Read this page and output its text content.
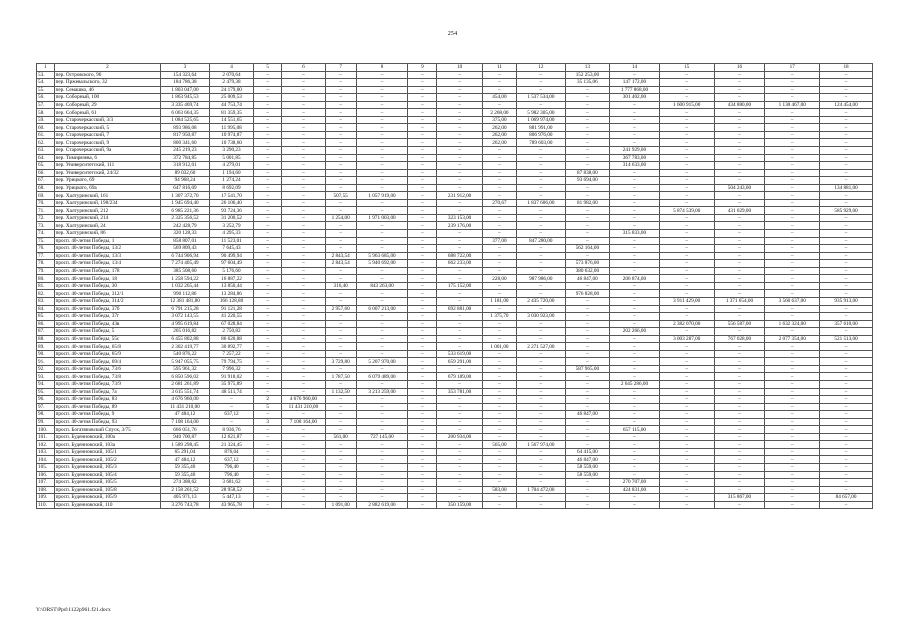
254
1	2	3	4	5	6	7	8	9	10	11	12	13	14	15	16	17	18
53.	пер. Островского, 96	154 323,64	2 070,64	–	–	–	–	–	–	–	–	152 253,00	–	–	–	–	–
54.	пер. Пржевальского, 32	184 786,38	2 479,38	–	–	–	–	–	–	–	–	35 135,06	147 172,00	–	–	–	–
55.	пер. Семашко, 46	1 803 047,00	24 179,00	–	–	–	–	–	–	–	–	–	1 777 868,00	–	–	–	–
56.	пер. Соборный, 100	1 863 945,53	25 009,53	–	–	–	–	–	–	454,00	1 537 534,00	–	301 402,00	–	–	–	–
57.	пер. Соборный, 29	3 335 469,74	44 753,74	–	–	–	–	–	–	–	–	–	–	1 600 915,00	434 880,00	1 130 467,00	124 454,00
58.	пер. Соборный, 61	6 063 664,35	81 359,35	–	–	–	–	–	–	2 268,00	5 982 305,00	–	–	–	–	–	–
59.	пер. Старочеркасский, 3/3	1 084 525,65	14 551,65	–	–	–	–	–	–	375,00	1 069 974,00	–	–	–	–	–	–
60.	пер. Старочеркасский, 5	893 986,08	11 995,08	–	–	–	–	–	–	262,00	881 991,00	–	–	–	–	–	–
61.	пер. Старочеркасский, 7	817 950,87	10 974,87	–	–	–	–	–	–	262,00	806 976,00	–	–	–	–	–	–
62.	пер. Старочеркасский, 9	800 341,60	10 738,60	–	–	–	–	–	–	262,00	789 603,00	–	–	–	–	–	–
63.	пер. Старочеркасский, 9а	245 219,23	3 290,23	–	–	–	–	–	–	–	–	–	241 929,00	–	–	–	–
64.	пер. Тимирязева, 6	372 784,85	5 001,85	–	–	–	–	–	–	–	–	–	367 783,00	–	–	–	–
65.	пер. Университетский, 111	318 912,01	4 279,01	–	–	–	–	–	–	–	–	–	314 633,00	–	–	–	–
66.	пер. Университетский, 24/32	89 032,60	1 194,60	–	–	–	–	–	–	–	–	87 838,00	–	–	–	–	–
67.	пер. Урицкого, 69	94 968,24	1 274,24	–	–	–	–	–	–	–	–	93 694,00	–	–	–	–	–
68.	пер. Урицкого, 69а	647 816,09	8 692,09	–	–	–	–	–	–	–	–	–	–	–	504 243,00	–	134 881,00
69.	пер. Халтуринский, 161	1 307 372,70	17 541,70	–	–	507,55	1 057 919,00	–	231 912,00	–	–	–	–	–	–	–	–
70.	пер. Халтуринский, 198/234	1 945 694,40	26 106,40	–	–	–	–	–	–	270,67	1 837 606,00	81 982,00	–	–	–	–	–
71.	пер. Халтуринский, 212	6 985 221,36	93 724,36	–	–	–	–	–	–	–	–	–	–	5 874 539,00	431 029,00	–	585 929,00
72.	пер. Халтуринский, 214	2 325 356,52	31 200,52	–	–	1 254,00	1 971 003,00	–	323 153,00	–	–	–	–	–	–	–	–
73.	пер. Халтуринский, 24	242 428,79	3 252,79	–	–	–	–	–	239 176,00	–	–	–	–	–	–	–	–
74.	пер. Халтуринский, 86	320 128,33	4 295,33	–	–	–	–	–	–	–	–	–	315 833,00	–	–	–	–
75.	просп. 40-летия Победы, 1	858 807,01	11 523,01	–	–	–	–	–	–	377,00	847 280,00	–	–	–	–	–	–
76.	просп. 40-летия Победы, 13/2	569 809,43	7 645,43	–	–	–	–	–	–	–	–	562 164,00	–	–	–	–	–
77.	просп. 40-летия Победы, 13/3	6 744 906,94	90 499,94	–	–	2 843,54	5 963 685,00	–	688 722,00	–	–	–	–	–	–	–	–
78.	просп. 40-летия Победы, 13/4	7 274 405,49	97 604,49	–	–	2 843,54	5 940 692,00	–	662 233,00	–	–	573 876,00	–	–	–	–	–
79.	просп. 40-летия Победы, 178	385 508,60	5 176,60	–	–	–	–	–	–	–	–	380 632,00	–	–	–	–	–
80.	просп. 40-летия Победы, 18	1 258 594,22	16 887,22	–	–	–	–	–	–	228,00	987 986,00	46 847,00	206 874,00	–	–	–	–
81.	просп. 40-летия Победы, 30	1 032 265,44	13 850,44	–	–	316,40	843 263,00	–	175 152,00	–	–	–	–	–	–	–	–
82.	просп. 40-летия Победы, 312/1	990 112,86	13 284,86	–	–	–	–	–	–	–	–	976 828,00	–	–	–	–	–
83.	просп. 40-летия Победы, 314/2	12 381 481,80	166 128,80	–	–	–	–	–	–	1 181,00	2 435 720,00	–	–	3 911 429,00	1 371 654,00	3 560 637,00	935 913,00
84.	просп. 40-летия Победы, 37б	6 791 215,28	91 121,28	–	–	2 957,60	6 007 213,00	–	692 881,00	–	–	–	–	–	–	–	–
85.	просп. 40-летия Победы, 37г	3 072 143,55	41 220,55	–	–	–	–	–	–	1 375,70	3 030 923,00	–	–	–	–	–	–
86.	просп. 40-летия Победы, 43в	4 995 619,84	67 028,84	–	–	–	–	–	–	–	–	–	–	2 382 070,00	556 587,00	1 632 324,00	357 610,00
87.	просп. 40-летия Победы, 5	205 016,82	2 750,82	–	–	–	–	–	–	–	–	–	202 266,00	–	–	–	–
88.	просп. 40-летия Победы, 55с	6 455 802,88	86 620,88	–	–	–	–	–	–	–	–	–	–	3 003 287,00	767 028,00	2 077 354,00	521 513,00
89.	просп. 40-летия Победы, 65/8	2 302 419,77	30 892,77	–	–	–	–	–	–	1 001,00	2 271 527,00	–	–	–	–	–	–
90.	просп. 40-летия Победы, 65/9	540 876,22	7 257,22	–	–	–	–	–	533 619,00	–	–	–	–	–	–	–	–
91.	просп. 40-летия Победы, 69/4	5 947 055,75	79 794,75	–	–	3 729,80	5 207 970,00	–	659 291,00	–	–	–	–	–	–	–	–
92.	просп. 40-летия Победы, 73/6	595 961,32	7 996,32	–	–	–	–	–	–	–	–	587 965,00	–	–	–	–	–
93.	просп. 40-летия Победы, 73/8	6 850 596,02	91 918,02	–	–	1 787,50	6 079 489,00	–	679 189,00	–	–	–	–	–	–	–	–
94.	просп. 40-летия Победы, 73/9	2 681 261,89	35 975,89	–	–	–	–	–	–	–	–	–	2 645 286,00	–	–	–	–
95.	просп. 40-летия Победы, 7а	3 615 551,74	48 511,74	–	–	1 132,50	3 213 259,00	–	353 781,00	–	–	–	–	–	–	–	–
96.	просп. 40-летия Победы, 83	4 676 960,00	–	2	4 676 960,00	–	–	–	–	–	–	–	–	–	–	–	–
97.	просп. 40-летия Победы, 89	11 431 210,00	–	5	11 431 210,00	–	–	–	–	–	–	–	–	–	–	–	–
98.	просп. 40-летия Победы, 9	47 484,12	637,12	–	–	–	–	–	–	–	–	46 847,00	–	–	–	–	–
99.	просп. 40-летия Победы, 93	7 108 164,00	–	3	7 108 164,00	–	–	–	–	–	–	–	–	–	–	–	–
100.	просп. Богатяновский Спуск, 3/75	666 051,76	8 936,76	–	–	–	–	–	–	–	–	–	657 115,00	–	–	–	–
101.	просп. Буденновский, 100а	940 700,87	12 621,87	–	–	561,00	727 145,00	–	200 934,00	–	–	–	–	–	–	–	–
102.	просп. Буденновский, 103а	1 589 298,45	21 324,45	–	–	–	–	–	–	565,00	1 567 974,00	–	–	–	–	–	–
103.	просп. Буденновский, 105/1	65 291,04	876,04	–	–	–	–	–	–	–	–	64 415,00	–	–	–	–	–
104.	просп. Буденновский, 105/2	47 484,12	637,12	–	–	–	–	–	–	–	–	46 847,00	–	–	–	–	–
105.	просп. Буденновский, 105/3	59 355,40	796,40	–	–	–	–	–	–	–	–	58 559,00	–	–	–	–	–
106.	просп. Буденновский, 105/4	59 355,40	796,40	–	–	–	–	–	–	–	–	58 559,00	–	–	–	–	–
107.	просп. Буденновский, 105/5	274 388,62	3 681,62	–	–	–	–	–	–	–	–	–	270 707,00	–	–	–	–
108.	просп. Буденновский, 105/8	2 158 261,52	28 958,52	–	–	–	–	–	–	583,00	1 704 472,00	–	424 831,00	–	–	–	–
109.	просп. Буденновский, 105/9	405 971,13	5 447,13	–	–	–	–	–	–	–	–	–	–	–	315 867,00	–	84 657,00
110.	просп. Буденновский, 110	3 276 743,78	43 965,78	–	–	1 091,00	2 882 619,00	–	350 159,00	–	–	–	–	–	–	–	–
Y:\ORST\Ppd\1122p961.f21.docx
